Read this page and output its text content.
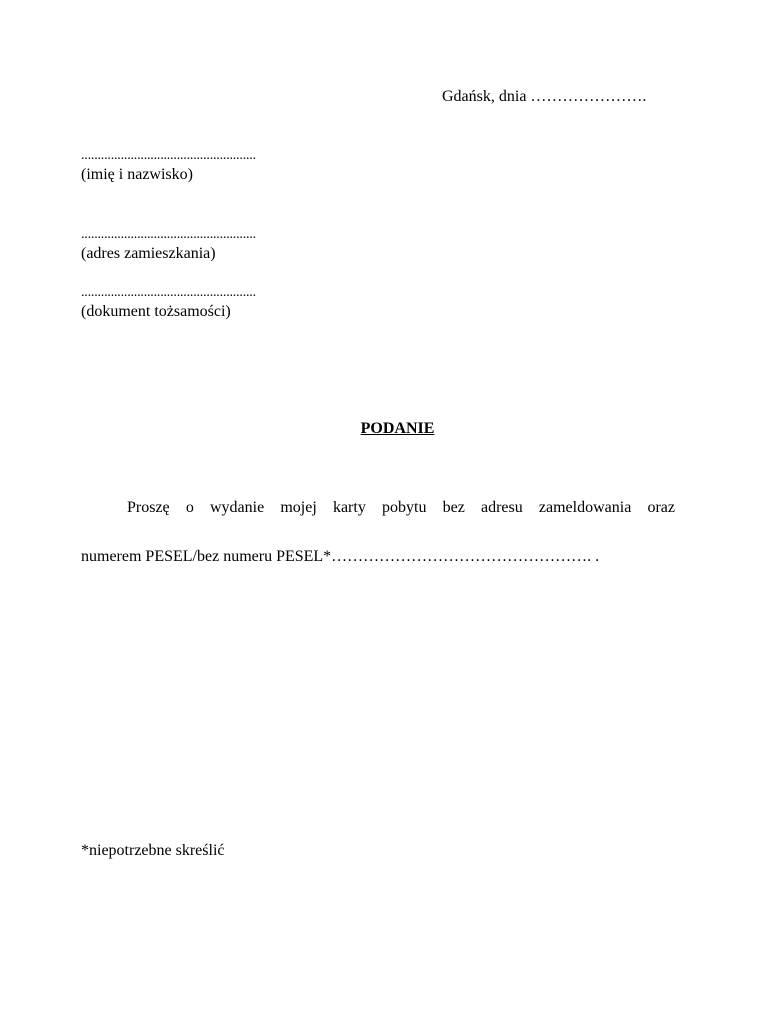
Gdańsk, dnia ………………….
.....................................................
(imię i nazwisko)
.....................................................
(adres zamieszkania)
.....................................................
(dokument tożsamości)
PODANIE
Proszę o wydanie mojej karty pobytu bez adresu zameldowania oraz
numerem PESEL/bez numeru PESEL*…………………………………………. .
*niepotrzebne skreślić
